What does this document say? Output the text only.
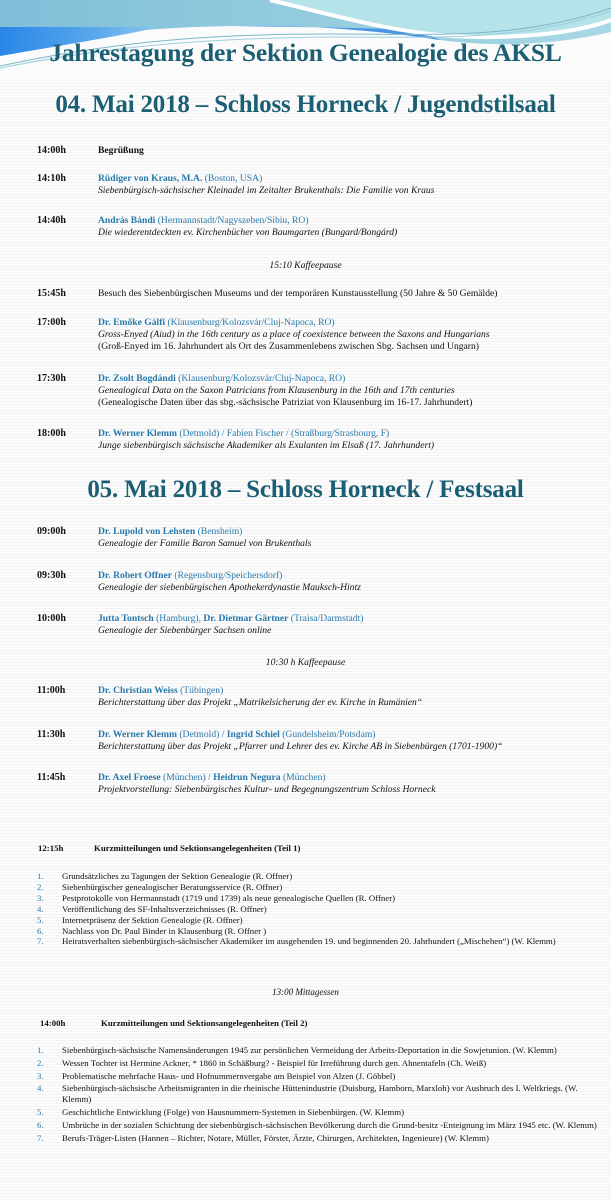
Jahrestagung der Sektion Genealogie des AKSL
04. Mai 2018 – Schloss Horneck / Jugendstilsaal
14:00h	Begrüßung
14:10h	Rüdiger von Kraus, M.A. (Boston, USA)
Siebenbürgisch-sächsischer Kleinadel im Zeitalter Brukenthals: Die Familie von Kraus
14:40h	András Bándi (Hermannstadt/Nagyszeben/Sibiu, RO)
Die wiederentdeckten ev. Kirchenbücher von Baumgarten (Bungard/Bongárd)
15:10 Kaffeepause
15:45h	Besuch des Siebenbürgischen Museums und der temporären Kunstausstellung (50 Jahre & 50 Gemälde)
17:00h	Dr. Emőke Gálfi (Klausenburg/Kolozsvár/Cluj-Napoca, RO)
Gross-Enyed (Aiud) in the 16th century as a place of coexistence between the Saxons and Hungarians
(Groß-Enyed im 16. Jahrhundert als Ort des Zusammenlebens zwischen Sbg. Sachsen und Ungarn)
17:30h	Dr. Zsolt Bogdándi (Klausenburg/Kolozsvár/Cluj-Napoca, RO)
Genealogical Data on the Saxon Patricians from Klausenburg in the 16th and 17th centuries
(Genealogische Daten über das sbg.-sächsische Patriziat von Klausenburg im 16-17. Jahrhundert)
18:00h	Dr. Werner Klemm (Detmold) / Fabien Fischer / (Straßburg/Strasbourg, F)
Junge siebenbürgisch sächsische Akademiker als Exulanten im Elsaß (17. Jahrhundert)
05. Mai 2018 – Schloss Horneck / Festsaal
09:00h	Dr. Lupold von Lehsten (Bensheim)
Genealogie der Familie Baron Samuel von Brukenthals
09:30h	Dr. Robert Offner (Regensburg/Speichersdorf)
Genealogie der siebenbürgischen Apothekerdynastie Mauksch-Hintz
10:00h	Jutta Tontsch (Hamburg), Dr. Dietmar Gärtner (Traisa/Darmstadt)
Genealogie der Siebenbürger Sachsen online
10:30 h Kaffeepause
11:00h	Dr. Christian Weiss (Tübingen)
Berichterstattung über das Projekt „Matrikelsicherung der ev. Kirche in Rumänien“
11:30h	Dr. Werner Klemm (Detmold) / Ingrid Schiel (Gundelsheim/Potsdam)
Berichterstattung über das Projekt „Pfarrer und Lehrer des ev. Kirche AB in Siebenbürgen (1701-1900)“
11:45h	Dr. Axel Froese (München) / Heidrun Negura (München)
Projektvorstellung: Siebenbürgisches Kultur- und Begegnungszentrum Schloss Horneck
12:15h	Kurzmitteilungen und Sektionsangelegenheiten (Teil 1)
1. Grundsätzliches zu Tagungen der Sektion Genealogie (R. Offner)
2. Siebenbürgischer genealogischer Beratungsservice (R. Offner)
3. Pestprotokolle von Hermannstadt (1719 und 1739) als neue genealogische Quellen (R. Offner)
4. Veröffentlichung des SF-Inhaltsverzeichnisses (R. Offner)
5. Internetpräsenz der Sektion Genealogie (R. Offner)
6. Nachlass von Dr. Paul Binder in Klausenburg (R. Offner )
7. Heiratsverhalten siebenbürgisch-sächsischer Akademiker im ausgehenden 19. und beginnenden 20. Jahrhundert („Mischehen“) (W. Klemm)
13:00 Mittagessen
14:00h	Kurzmitteilungen und Sektionsangelegenheiten (Teil 2)
1. Siebenbürgisch-sächsische Namensänderungen 1945 zur persönlichen Vermeidung der Arbeits-Deportation in die Sowjetunion. (W. Klemm)
2. Wessen Tochter ist Hermine Ackner, * 1860 in Schäßburg? - Beispiel für Irreführung durch gen. Ahnentafeln (Ch. Weiß)
3. Problematische mehrfache Haus- und Hofnummernvergabe am Beispiel von Alzen (J. Göbbel)
4. Siebenbürgisch-sächsische Arbeitsmigranten in die rheinische Hüttenindustrie (Duisburg, Hamborn, Marxloh) vor Ausbruch des I. Weltkriegs. (W. Klemm)
5. Geschichtliche Entwicklung (Folge) von Hausnummern-Systemen in Siebenbürgen. (W. Klemm)
6. Umbrüche in der sozialen Schichtung der siebenbürgisch-sächsischen Bevölkerung durch die Grund-besitz -Enteignung im März 1945 etc. (W. Klemm)
7. Berufs-Träger-Listen (Hannen – Richter, Notare, Müller, Förster, Ärzte, Chirurgen, Architekten, Ingenieure) (W. Klemm)
